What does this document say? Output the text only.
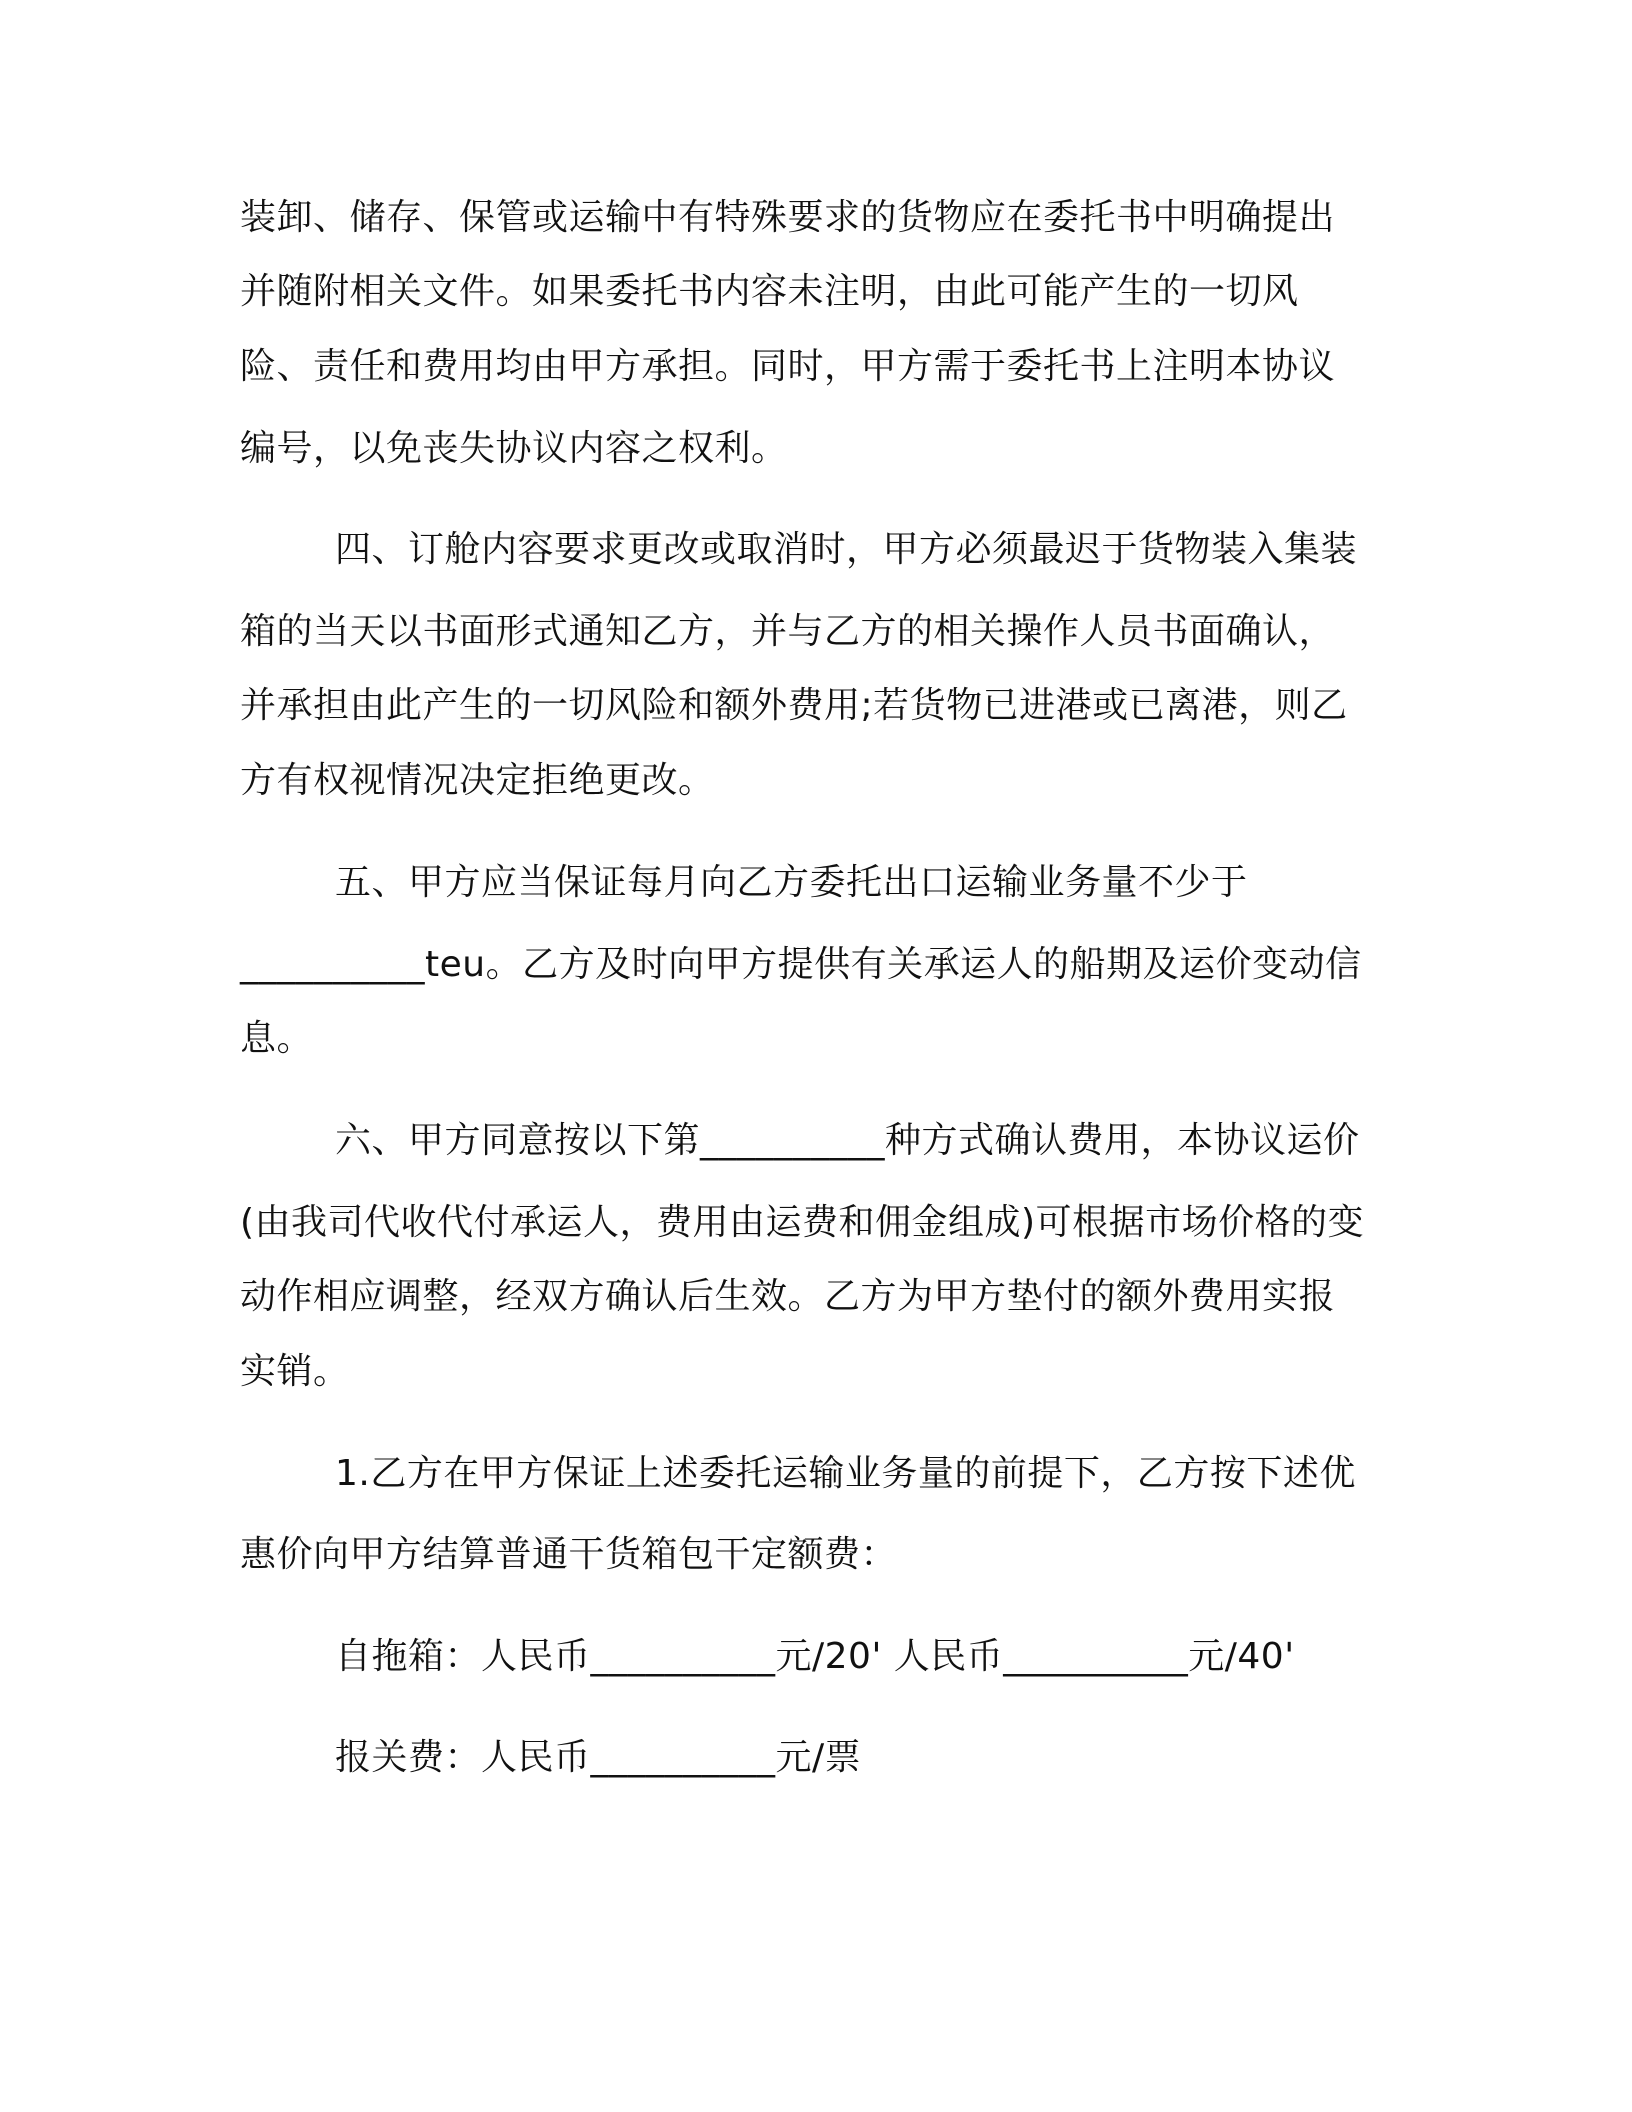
装卸、储存、保管或运输中有特殊要求的货物应在委托书中明确提出
并随附相关文件。如果委托书内容未注明，由此可能产生的一切风
险、责任和费用均由甲方承担。同时，甲方需于委托书上注明本协议
编号，以免丧失协议内容之权利。
四、订舱内容要求更改或取消时，甲方必须最迟于货物装入集装
箱的当天以书面形式通知乙方，并与乙方的相关操作人员书面确认，
并承担由此产生的一切风险和额外费用;若货物已进港或已离港，则乙
方有权视情况决定拒绝更改。
五、甲方应当保证每月向乙方委托出口运输业务量不少于
__________teu。乙方及时向甲方提供有关承运人的船期及运价变动信
息。
六、甲方同意按以下第__________种方式确认费用，本协议运价
(由我司代收代付承运人，费用由运费和佣金组成)可根据市场价格的变
动作相应调整，经双方确认后生效。乙方为甲方垫付的额外费用实报
实销。
1.乙方在甲方保证上述委托运输业务量的前提下，乙方按下述优
惠价向甲方结算普通干货箱包干定额费：
自拖箱：人民币__________元/20' 人民币__________元/40'
报关费：人民币__________元/票
